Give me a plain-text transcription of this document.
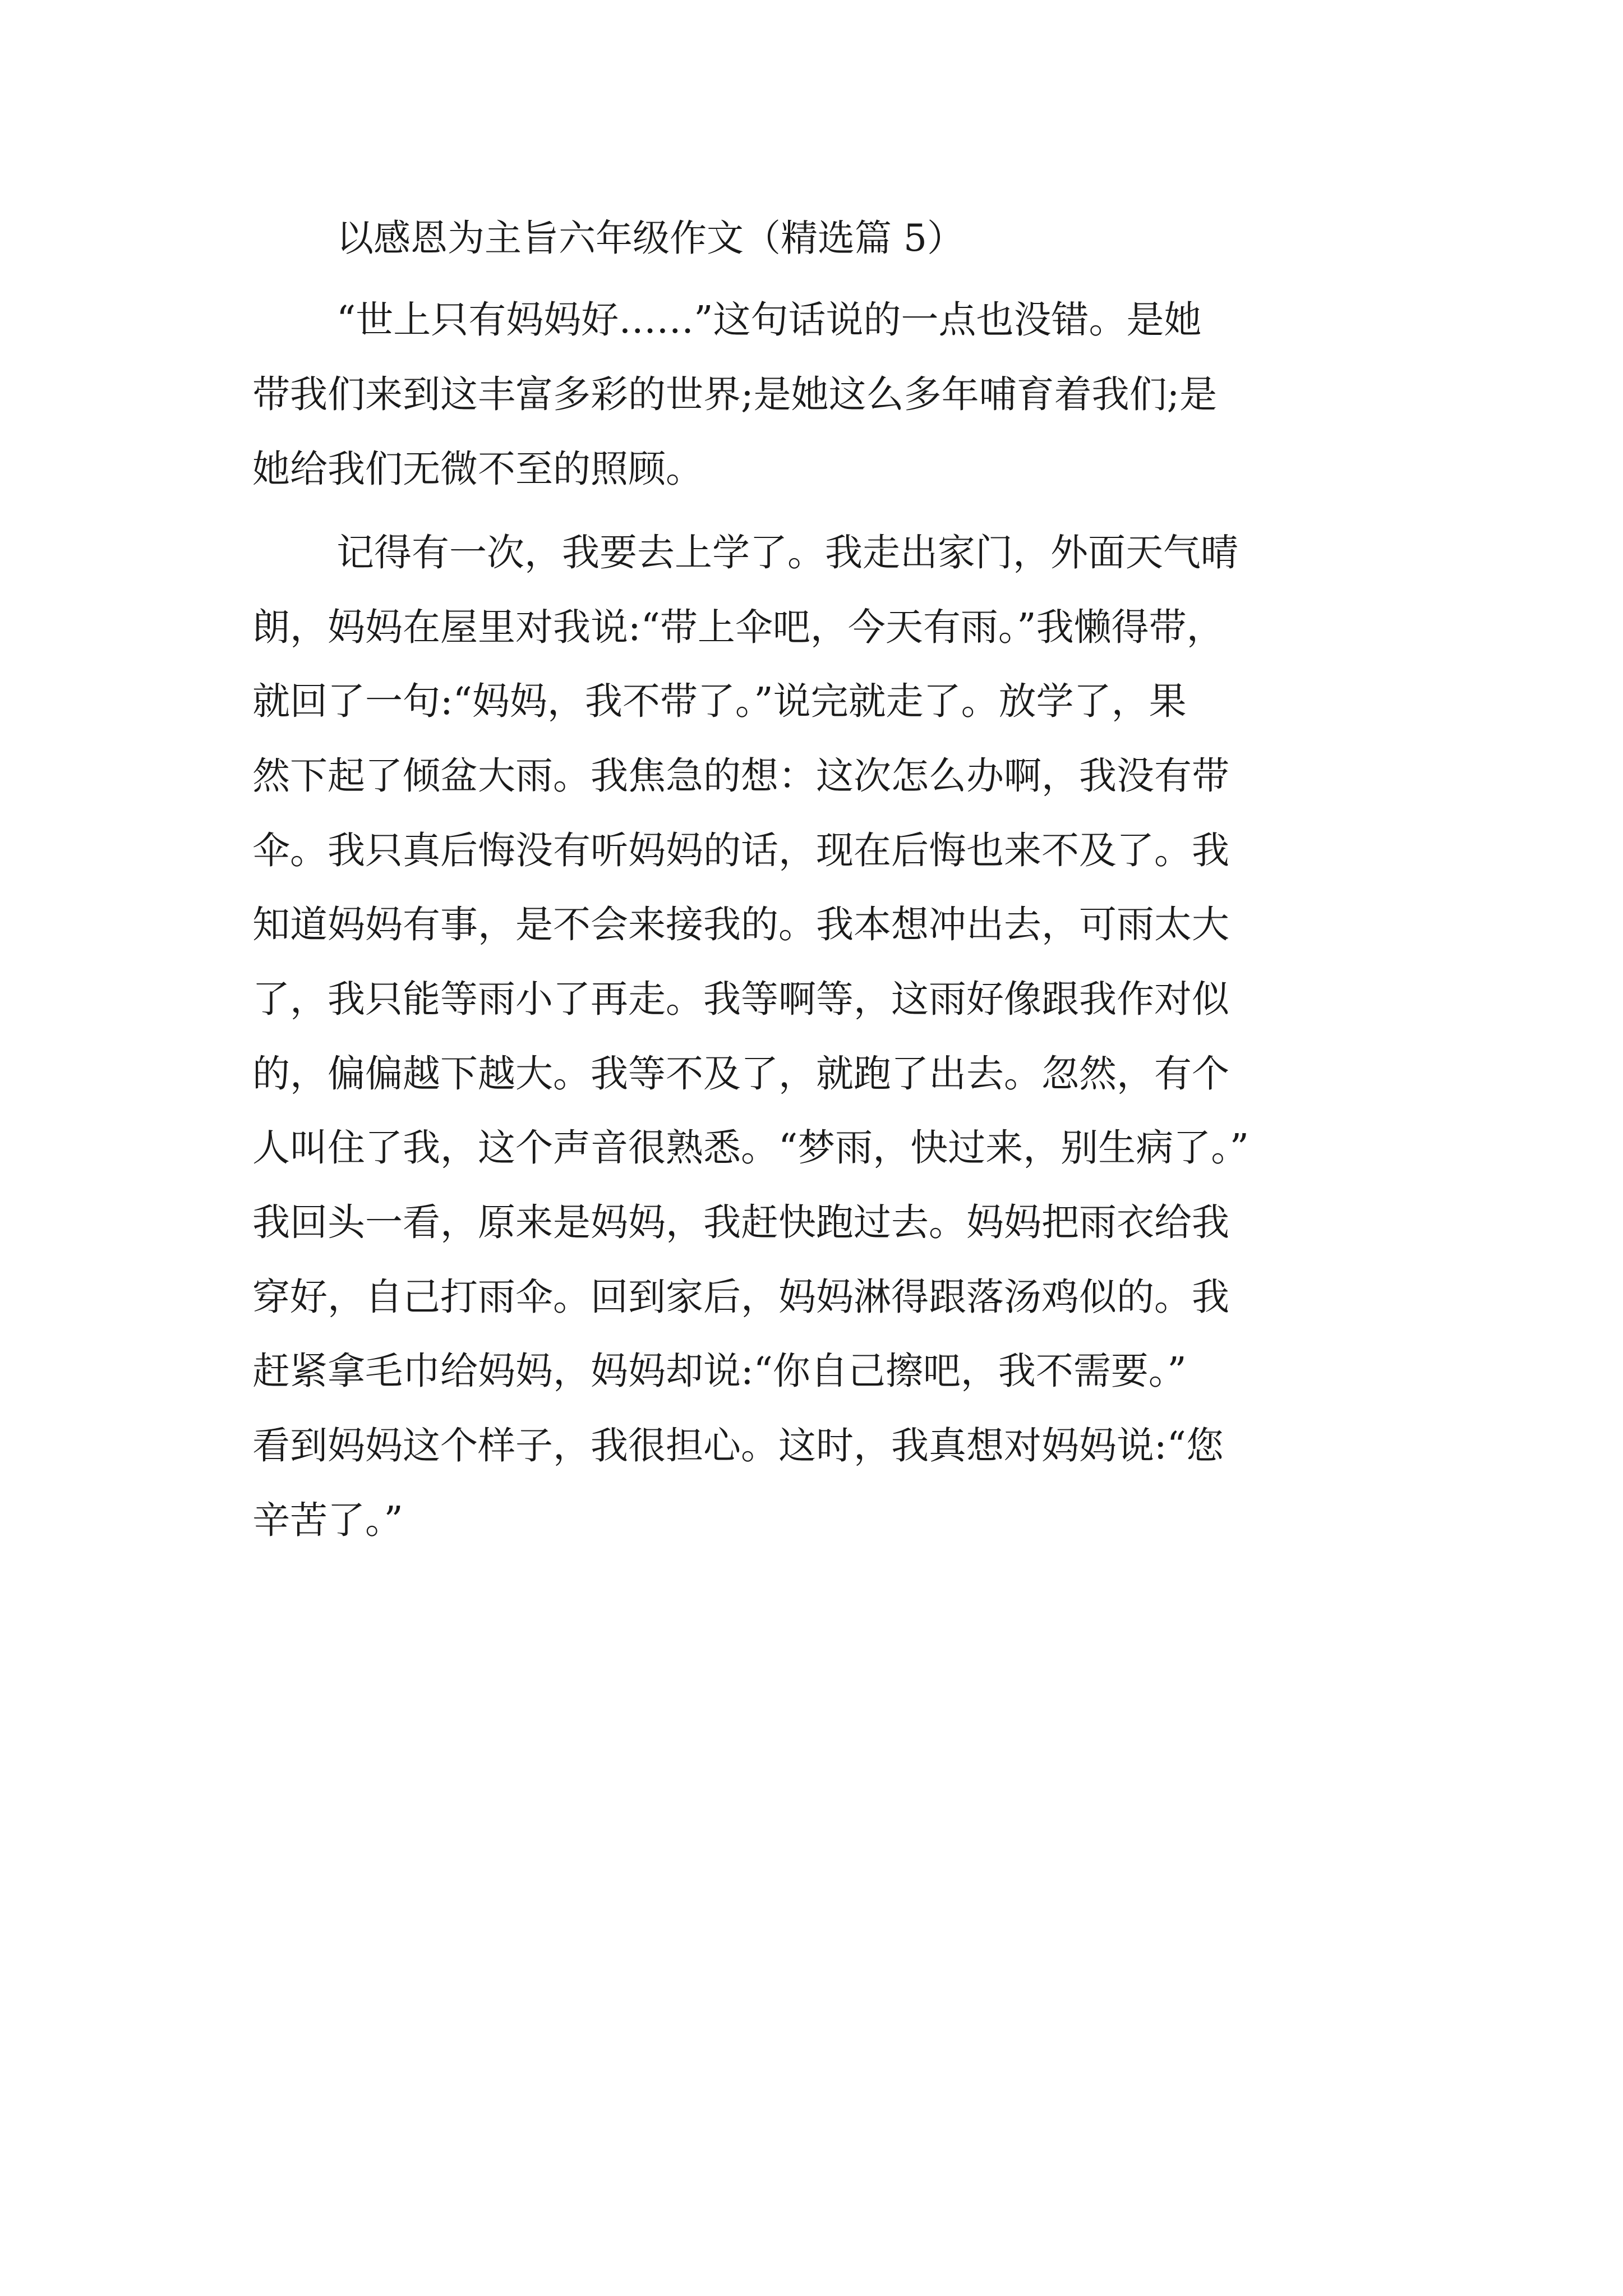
以感恩为主旨六年级作文（精选篇 5）

“世上只有妈妈好……”这句话说的一点也没错。是她

带我们来到这丰富多彩的世界;是她这么多年哺育着我们;是

她给我们无微不至的照顾。

记得有一次，我要去上学了。我走出家门，外面天气晴

朗，妈妈在屋里对我说:“带上伞吧，今天有雨。”我懒得带，

就回了一句:“妈妈，我不带了。”说完就走了。放学了，果

然下起了倾盆大雨。我焦急的想：这次怎么办啊，我没有带

伞。我只真后悔没有听妈妈的话，现在后悔也来不及了。我

知道妈妈有事，是不会来接我的。我本想冲出去，可雨太大

了，我只能等雨小了再走。我等啊等，这雨好像跟我作对似

的，偏偏越下越大。我等不及了，就跑了出去。忽然，有个

人叫住了我，这个声音很熟悉。“梦雨，快过来，别生病了。”

我回头一看，原来是妈妈，我赶快跑过去。妈妈把雨衣给我

穿好，自己打雨伞。回到家后，妈妈淋得跟落汤鸡似的。我

赶紧拿毛巾给妈妈，妈妈却说:“你自己擦吧，我不需要。”

看到妈妈这个样子，我很担心。这时，我真想对妈妈说:“您

辛苦了。”
